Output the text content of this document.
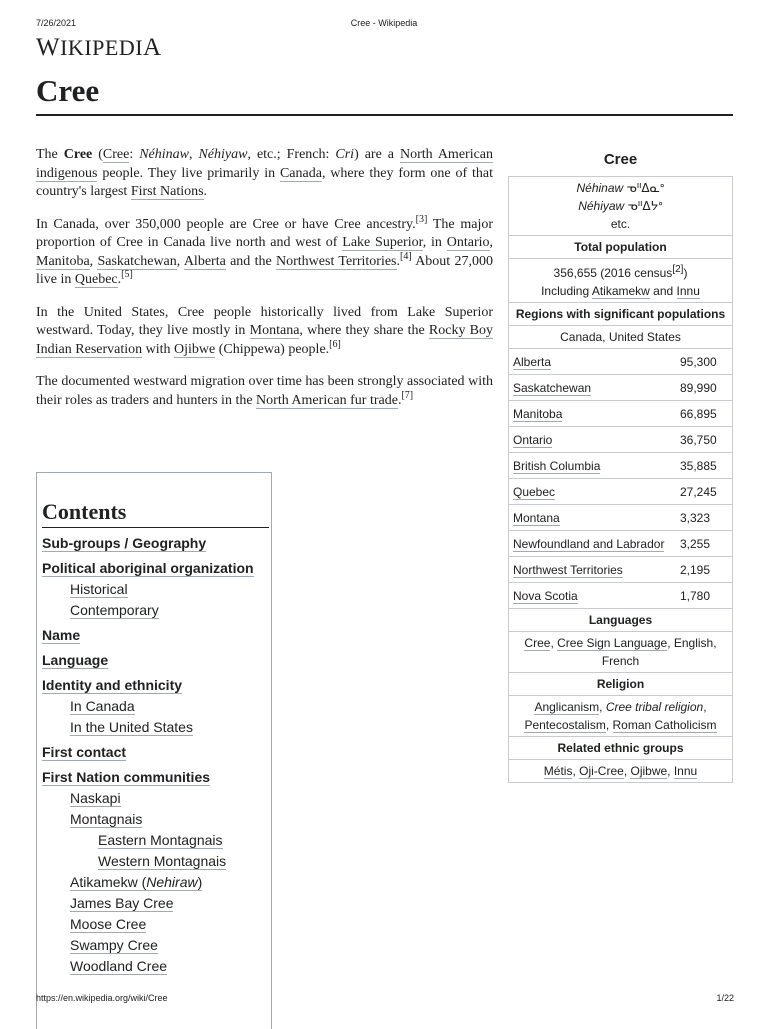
7/26/2021	Cree - Wikipedia
WIKIPEDIA
Cree

The Cree (Cree: Néhinaw, Néhiyaw, etc.; French: Cri) are a North American indigenous people. They live primarily in Canada, where they form one of that country's largest First Nations.

In Canada, over 350,000 people are Cree or have Cree ancestry.[3] The major proportion of Cree in Canada live north and west of Lake Superior, in Ontario, Manitoba, Saskatchewan, Alberta and the Northwest Territories.[4] About 27,000 live in Quebec.[5]

In the United States, Cree people historically lived from Lake Superior westward. Today, they live mostly in Montana, where they share the Rocky Boy Indian Reservation with Ojibwe (Chippewa) people.[6]

The documented westward migration over time has been strongly associated with their roles as traders and hunters in the North American fur trade.[7]

Contents
Sub-groups / Geography
Political aboriginal organization
Historical
Contemporary
Name
Language
Identity and ethnicity
In Canada
In the United States
First contact
First Nation communities
Naskapi
Montagnais
Eastern Montagnais
Western Montagnais
Atikamekw (Nehiraw)
James Bay Cree
Moose Cree
Swampy Cree
Woodland Cree
Cree
Néhinaw ᓀᐦᐃᓇᐤ
Néhiyaw ᓀᐦᐃᔭᐤ
etc.	
Total population	
356,655 (2016 census[2])
Including Atikamekw and Innu	
Regions with significant populations	
Canada, United States	
Alberta	95,300
Saskatchewan	89,990
Manitoba	66,895
Ontario	36,750
British Columbia	35,885
Quebec	27,245
Montana	3,323
Newfoundland and Labrador	3,255
Northwest Territories	2,195
Nova Scotia	1,780
Languages	
Cree, Cree Sign Language, English, French	
Religion	
Anglicanism, Cree tribal religion, Pentecostalism, Roman Catholicism	
Related ethnic groups	
Métis, Oji-Cree, Ojibwe, Innu	
https://en.wikipedia.org/wiki/Cree	1/22
